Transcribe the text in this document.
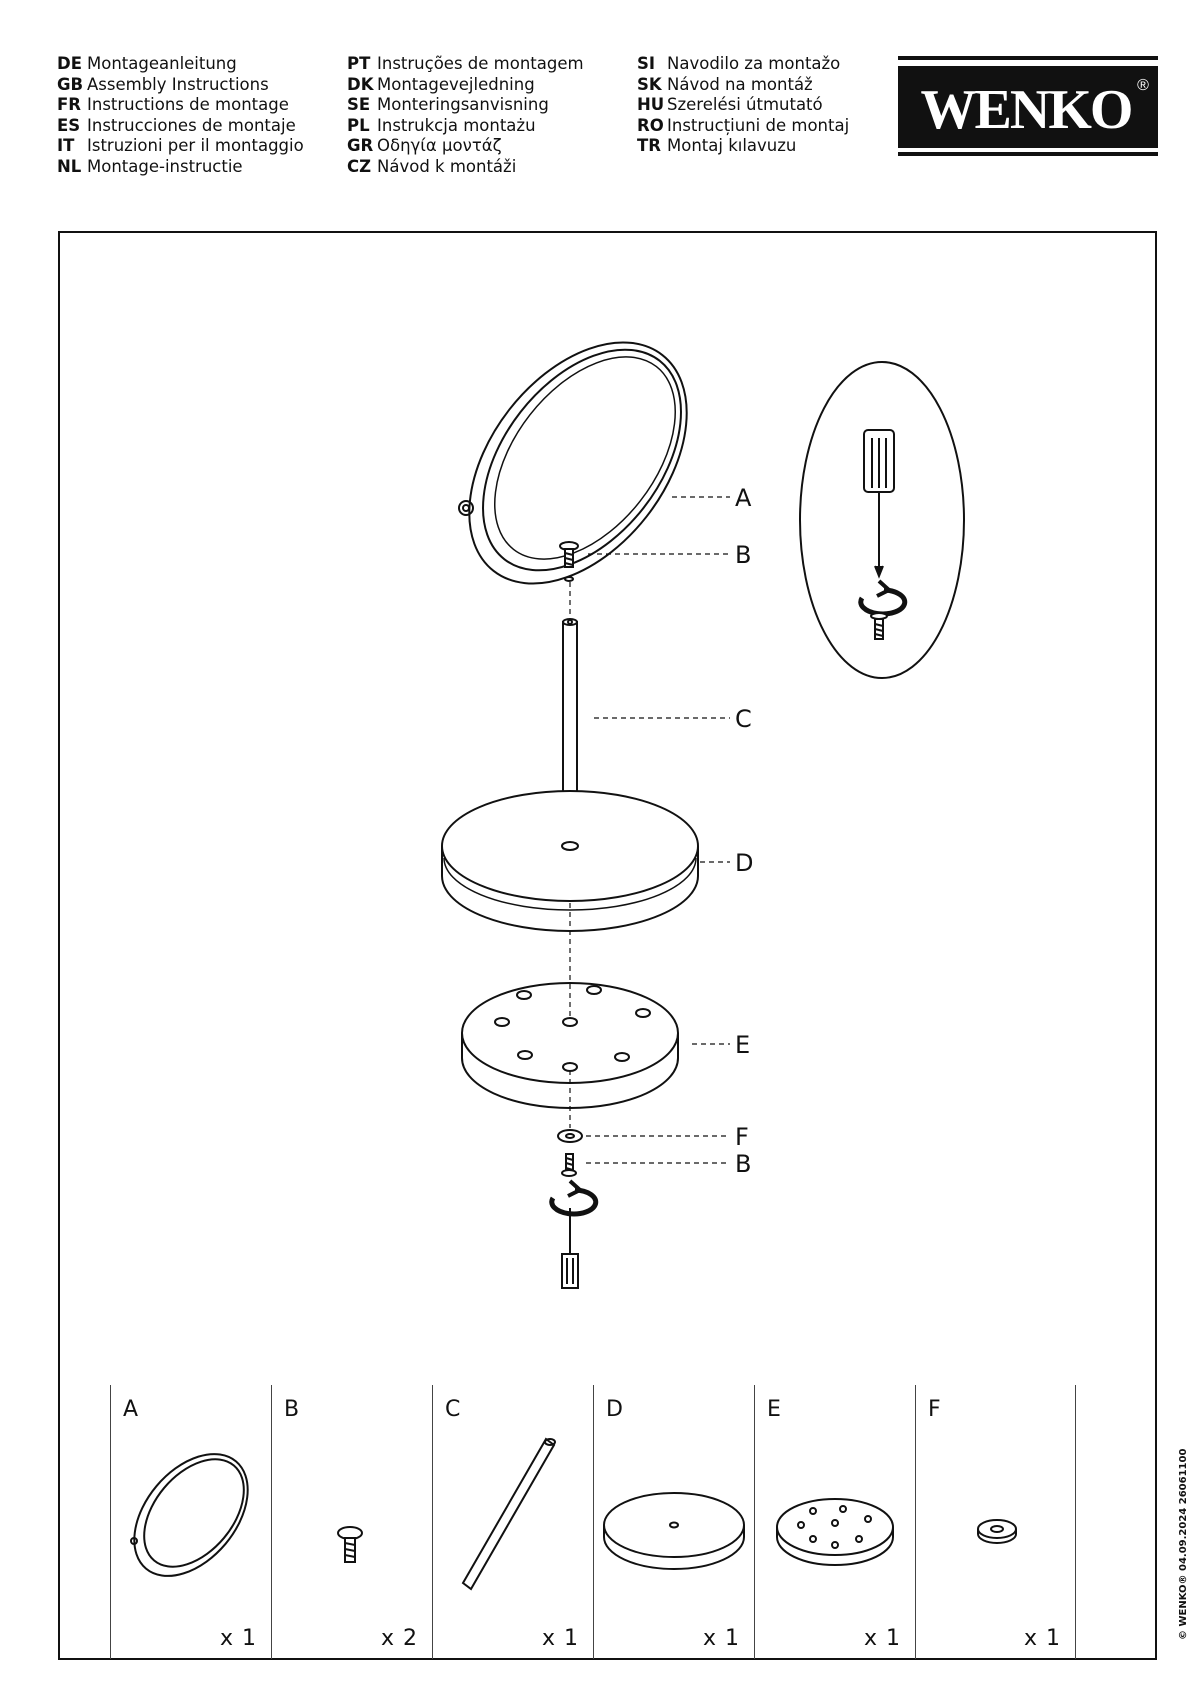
DE Montageanleitung
GB Assembly Instructions
FR Instructions de montage
ES Instrucciones de montaje
IT Istruzioni per il montaggio
NL Montage-instructie
PT Instruções de montagem
DK Montagevejledning
SE Monteringsanvisning
PL Instrukcja montażu
GR Οδηγία μοντάζ
CZ Návod k montáži
SI Navodilo za montažo
SK Návod na montáž
HU Szerelési útmutató
RO Instrucțiuni de montaj
TR Montaj kılavuzu
WENKO ®
A
B
C
D
E
F
B
A
x 1
B
x 2
C
x 1
D
x 1
E
x 1
F
x 1	© WENKO® 04.09.2024 26061100
